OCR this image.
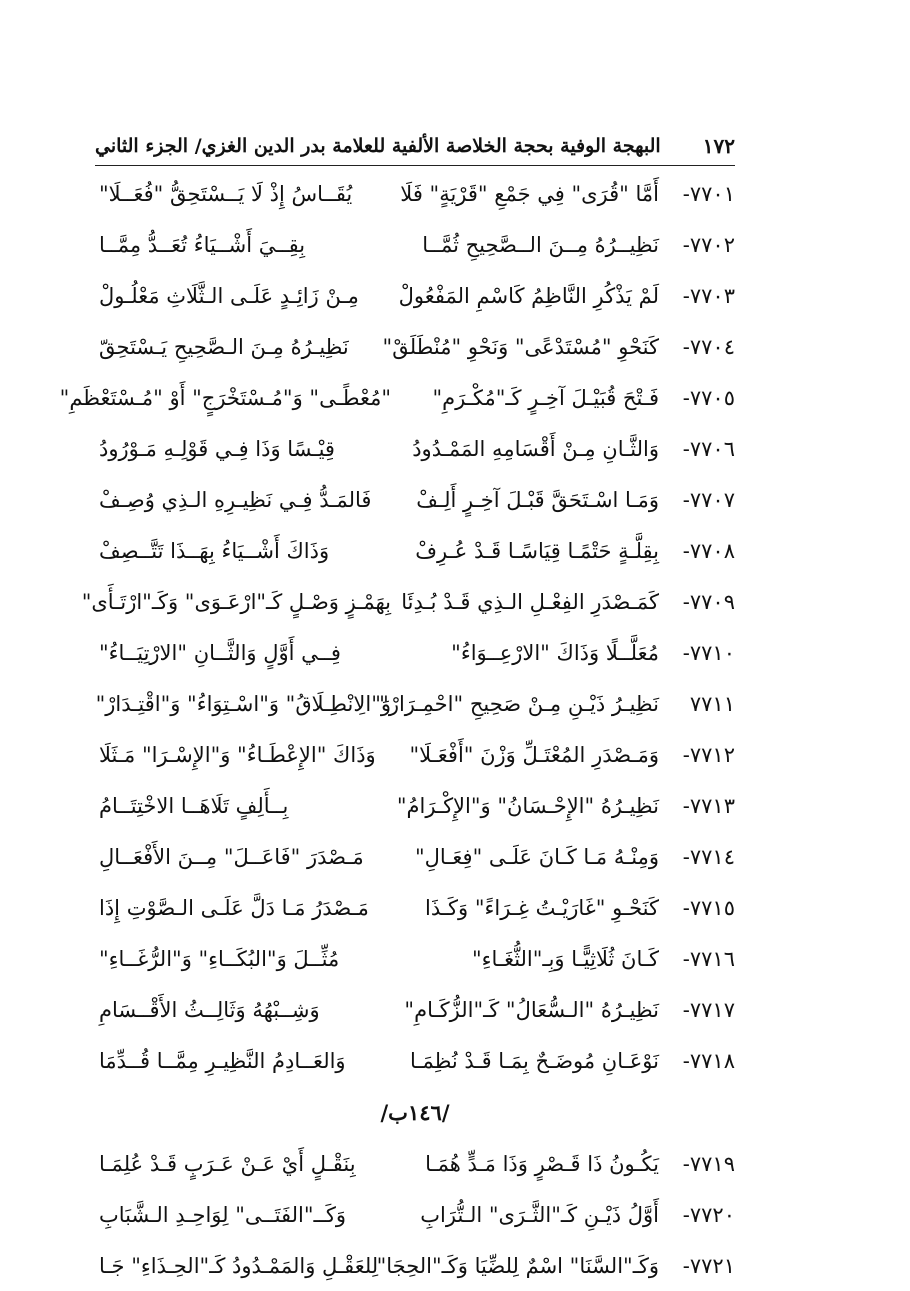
١٧٢
البهجة الوفية بحجة الخلاصة الألفية للعلامة بدر الدين الغزي/ الجزء الثاني
٧٧٠١-
أَمَّا "قُرَى" فِي جَمْعِ "قَرْيَةٍ" فَلَا
يُقَــاسُ إِذْ لَا يَــسْتَحِقُّ "فُعَــلَا"
٧٧٠٢-
نَظِيــرُهُ مِــنَ الــصَّحِيحِ ثُمَّــا
بِقِــيَ أَشْــيَاءُ تُعَــدُّ مِمَّــا
٧٧٠٣-
لَمْ يَذْكُرِ النَّاظِمُ كَاسْمِ المَفْعُولْ
مِـنْ زَائِـدٍ عَلَـى الـثَّلَاثِ مَعْلُـولْ
٧٧٠٤-
كَنَحْوِ "مُسْتَدْعًى" وَنَحْوِ "مُنْطَلَقْ"
نَظِيـرُهُ مِـنَ الـصَّحِيحِ يَـسْتَحِقّ
٧٧٠٥-
فَـتْحَ قُبَيْـلَ آخِـرٍ كَـ"مُكْـرَمِ"
"مُعْطًـى" وَ"مُـسْتَخْرَجٍ" أَوْ "مُـسْتَعْظَمِ"
٧٧٠٦-
وَالثَّـانِ مِـنْ أَقْسَامِهِ المَمْـدُودُ
قِيْـسًا وَذَا فِـي قَوْلِـهِ مَـوْرُودُ
٧٧٠٧-
وَمَـا اسْـتَحَقَّ قَبْـلَ آخِـرٍ أَلِـفْ
فَالمَـدُّ فِـي نَظِيـرِهِ الـذِي وُصِـفْ
٧٧٠٨-
بِقِلَّـةٍ حَتْمًـا قِيَاسًـا قَـدْ عُـرِفْ
وَذَاكَ أَشْــيَاءُ بِهَــذَا تَتَّــصِفْ
٧٧٠٩-
كَمَـصْدَرِ الفِعْـلِ الـذِي قَـدْ بُـدِئَا
بِهَمْـزٍ وَصْـلٍ كَـ"ارْعَـوَى" وَكَـ"ارْتَـأَى"
٧٧١٠-
مُعَلَّــلًا وَذَاكَ "الارْعِــوَاءُ"
فِــي أَوَّلٍ وَالثَّــانِ "الارْتِيَــاءُ"
٧٧١١
نَظِيـرُ ذَيْـنِ مِـنْ صَحِيحِ "احْمِـرَارْ"
وَ"الِانْطِـلَاقُ" وَ"اسْـتِوَاءُ" وَ"اقْتِـدَارْ"
٧٧١٢-
وَمَـصْدَرِ المُعْتَـلِّ وَزْنَ "أَفْعَـلَا"
وَذَاكَ "الإِعْطَـاءُ" وَ"الإِسْـرَا" مَـثَلَا
٧٧١٣-
نَظِيـرُهُ "الإِحْـسَانُ" وَ"الإِكْـرَامُ"
بِــأَلِفٍ تَلَاهَــا الاخْتِتَــامُ
٧٧١٤-
وَمِنْـهُ مَـا كَـانَ عَلَـى "فِعَـالِ"
مَـصْدَرَ "فَاعَــلَ" مِــنَ الأَفْعَــالِ
٧٧١٥-
كَنَحْـوِ "غَارَيْـتُ غِـرَاءً" وَكَـذَا
مَـصْدَرُ مَـا دَلَّ عَلَـى الـصَّوْتِ إِذَا
٧٧١٦-
كَـانَ ثُلَاثِيًّـا وَبِـ"الثُّغَـاءِ"
مُثِّــلَ وَ"البُكَــاءِ" وَ"الرُّغَــاءِ"
٧٧١٧-
نَظِيـرُهُ "الـسُّعَالُ" كَـ"الزُّكَـامِ"
وَشِــبْهُهُ وَثَالِــثُ الأَقْــسَامِ
٧٧١٨-
نَوْعَـانِ مُوضَـحٌ بِمَـا قَـدْ نُظِمَـا
وَالعَــادِمُ النَّظِيـرِ مِمَّــا قُــدِّمَا
/١٤٦ب/
٧٧١٩-
يَكُـونُ ذَا قَـصْرٍ وَذَا مَـدٍّ هُمَـا
بِنَقْـلٍ أَيْ عَـنْ عَـرَبٍ قَـدْ عُلِمَـا
٧٧٢٠-
أَوَّلُ ذَيْـنِ كَـ"الثَّـرَى" الـتُّرَابِ
وَكَــ"الفَتَــى" لِوَاحِـدِ الـشَّبَابِ
٧٧٢١-
وَكَـ"السَّنَا" اسْمٌ لِلضِّيَا وَكَـ"الحِجَا"
لِلعَقْـلِ وَالمَمْـدُودُ كَـ"الحِـذَاءِ" جَـا
